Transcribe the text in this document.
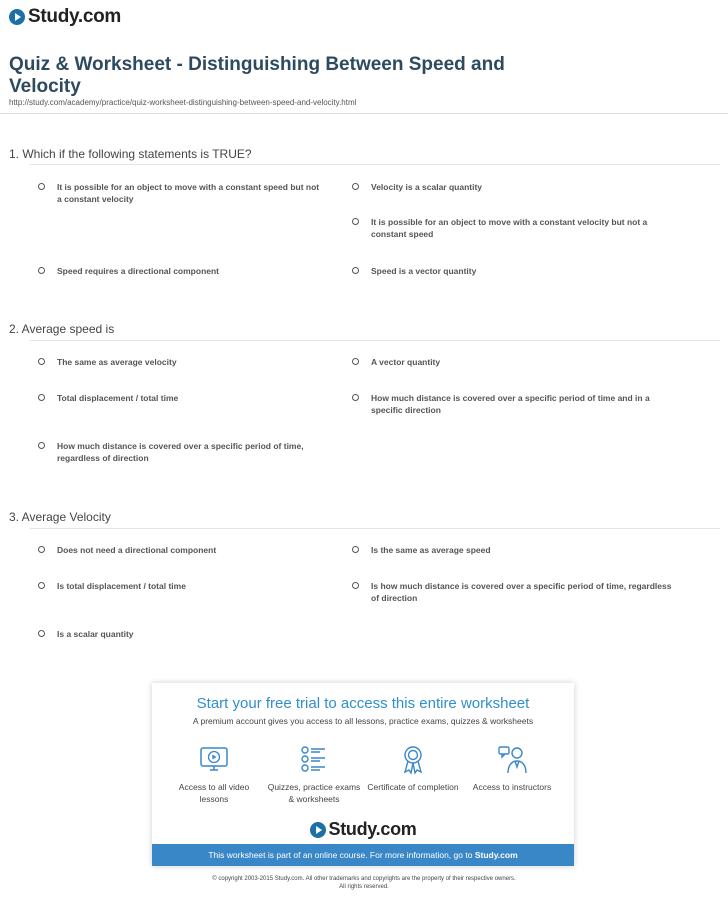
Study.com
Quiz & Worksheet - Distinguishing Between Speed and Velocity
http://study.com/academy/practice/quiz-worksheet-distinguishing-between-speed-and-velocity.html
1. Which if the following statements is TRUE?
It is possible for an object to move with a constant speed but not a constant velocity
Velocity is a scalar quantity
It is possible for an object to move with a constant velocity but not a constant speed
Speed requires a directional component	Speed is a vector quantity
2. Average speed is
The same as average velocity	A vector quantity
Total displacement / total time	How much distance is covered over a specific period of time and in a specific direction
How much distance is covered over a specific period of time, regardless of direction
3. Average Velocity
Does not need a directional component	Is the same as average speed
Is total displacement / total time	Is how much distance is covered over a specific period of time, regardless of direction
Is a scalar quantity
Start your free trial to access this entire worksheet
A premium account gives you access to all lessons, practice exams, quizzes & worksheets
Access to all video lessons
Quizzes, practice exams & worksheets
Certificate of completion	Access to instructors
Study.com
This worksheet is part of an online course. For more information, go to Study.com
© copyright 2003-2015 Study.com. All other trademarks and copyrights are the property of their respective owners.
All rights reserved.
